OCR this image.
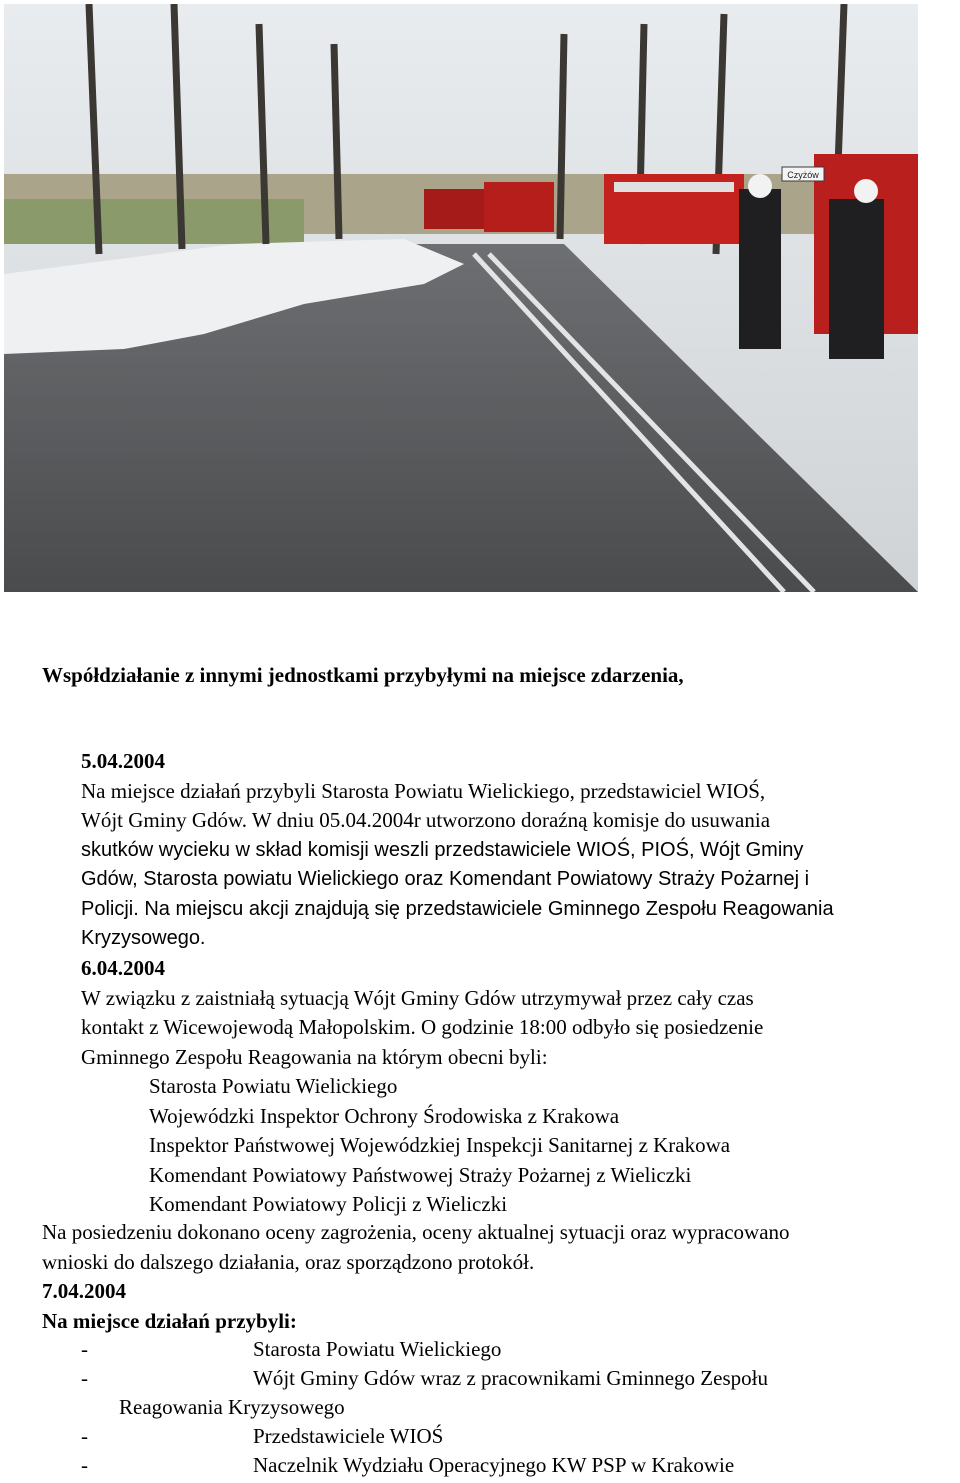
Czyżów
Współdziałanie z innymi jednostkami przybyłymi na miejsce zdarzenia,
5.04.2004
Na miejsce działań przybyli Starosta Powiatu Wielickiego, przedstawiciel WIOŚ,
Wójt Gminy Gdów. W dniu 05.04.2004r utworzono doraźną komisje do usuwania
skutków wycieku w skład komisji weszli przedstawiciele WIOŚ, PIOŚ, Wójt Gminy
Gdów, Starosta powiatu Wielickiego oraz Komendant Powiatowy Straży Pożarnej i
Policji. Na miejscu akcji znajdują się przedstawiciele Gminnego Zespołu Reagowania
Kryzysowego.
6.04.2004
W związku z zaistniałą sytuacją Wójt Gminy Gdów utrzymywał przez cały czas
kontakt z Wicewojewodą Małopolskim. O godzinie 18:00 odbyło się posiedzenie
Gminnego Zespołu Reagowania na którym obecni byli:
Starosta Powiatu Wielickiego
Wojewódzki Inspektor Ochrony Środowiska z Krakowa
Inspektor Państwowej Wojewódzkiej Inspekcji Sanitarnej z Krakowa
Komendant Powiatowy Państwowej Straży Pożarnej z Wieliczki
Komendant Powiatowy Policji z Wieliczki
Na posiedzeniu dokonano oceny zagrożenia, oceny aktualnej sytuacji oraz wypracowano
wnioski do dalszego działania, oraz sporządzono protokół.
7.04.2004
Na miejsce działań przybyli:
-	Starosta Powiatu Wielickiego
-	Wójt Gminy Gdów wraz z pracownikami Gminnego Zespołu
Reagowania Kryzysowego
-	Przedstawiciele WIOŚ
-	Naczelnik Wydziału Operacyjnego KW PSP w Krakowie
